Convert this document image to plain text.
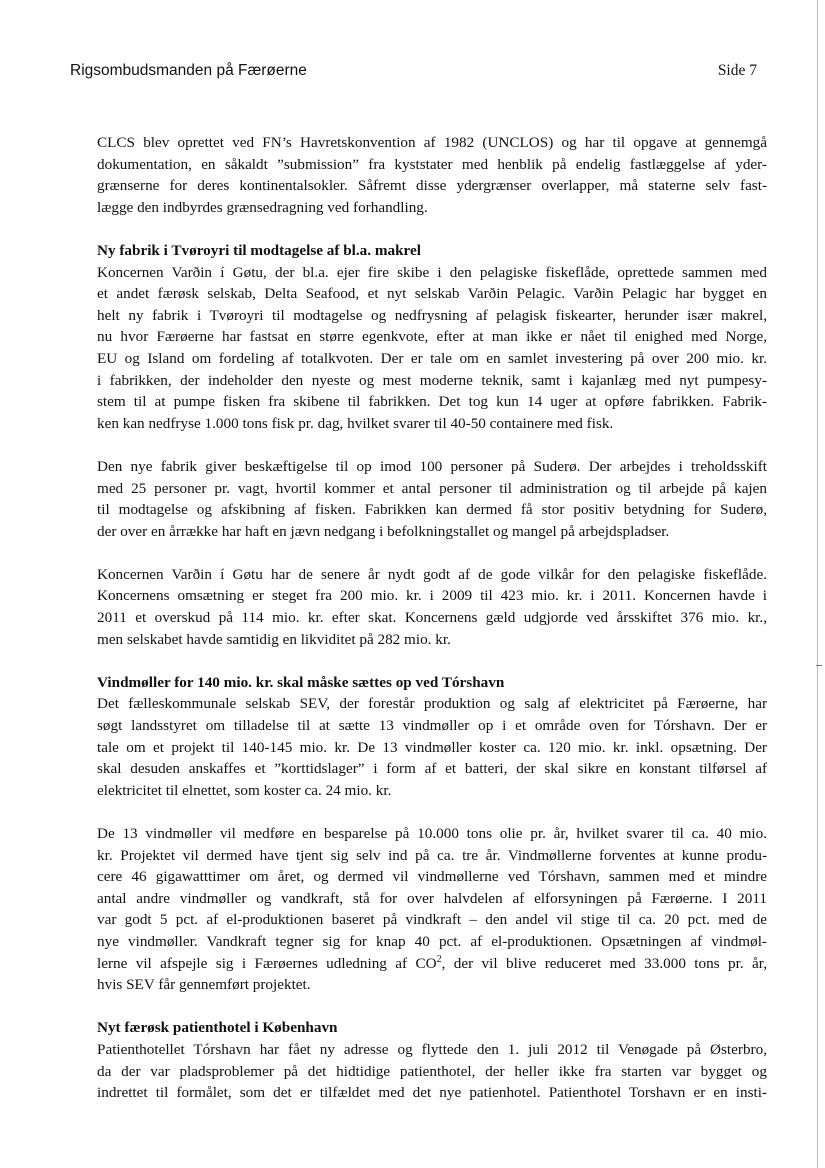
Rigsombudsmanden på Færøerne	Side 7

CLCS blev oprettet ved FN’s Havretskonvention af 1982 (UNCLOS) og har til opgave at gennemgå
dokumentation, en såkaldt ”submission” fra kyststater med henblik på endelig fastlæggelse af yder-
grænserne for deres kontinentalsokler. Såfremt disse ydergrænser overlapper, må staterne selv fast-
lægge den indbyrdes grænsedragning ved forhandling.

Ny fabrik i Tvøroyri til modtagelse af bl.a. makrel

Koncernen Varðin í Gøtu, der bl.a. ejer fire skibe i den pelagiske fiskeflåde, oprettede sammen med
et andet færøsk selskab, Delta Seafood, et nyt selskab Varðin Pelagic. Varðin Pelagic har bygget en
helt ny fabrik i Tvøroyri til modtagelse og nedfrysning af pelagisk fiskearter, herunder især makrel,
nu hvor Færøerne har fastsat en større egenkvote, efter at man ikke er nået til enighed med Norge,
EU og Island om fordeling af totalkvoten. Der er tale om en samlet investering på over 200 mio. kr.
i fabrikken, der indeholder den nyeste og mest moderne teknik, samt i kajanlæg med nyt pumpesy-
stem til at pumpe fisken fra skibene til fabrikken. Det tog kun 14 uger at opføre fabrikken. Fabrik-
ken kan nedfryse 1.000 tons fisk pr. dag, hvilket svarer til 40-50 containere med fisk.

Den nye fabrik giver beskæftigelse til op imod 100 personer på Suderø. Der arbejdes i treholdsskift
med 25 personer pr. vagt, hvortil kommer et antal personer til administration og til arbejde på kajen
til modtagelse og afskibning af fisken. Fabrikken kan dermed få stor positiv betydning for Suderø,
der over en årrække har haft en jævn nedgang i befolkningstallet og mangel på arbejdspladser.

Koncernen Varðin í Gøtu har de senere år nydt godt af de gode vilkår for den pelagiske fiskeflåde.
Koncernens omsætning er steget fra 200 mio. kr. i 2009 til 423 mio. kr. i 2011. Koncernen havde i
2011 et overskud på 114 mio. kr. efter skat. Koncernens gæld udgjorde ved årsskiftet 376 mio. kr.,
men selskabet havde samtidig en likviditet på 282 mio. kr.

Vindmøller for 140 mio. kr. skal måske sættes op ved Tórshavn

Det fælleskommunale selskab SEV, der forestår produktion og salg af elektricitet på Færøerne, har
søgt landsstyret om tilladelse til at sætte 13 vindmøller op i et område oven for Tórshavn. Der er
tale om et projekt til 140-145 mio. kr. De 13 vindmøller koster ca. 120 mio. kr. inkl. opsætning. Der
skal desuden anskaffes et ”korttidslager” i form af et batteri, der skal sikre en konstant tilførsel af
elektricitet til elnettet, som koster ca. 24 mio. kr.

De 13 vindmøller vil medføre en besparelse på 10.000 tons olie pr. år, hvilket svarer til ca. 40 mio.
kr. Projektet vil dermed have tjent sig selv ind på ca. tre år. Vindmøllerne forventes at kunne produ-
cere 46 gigawatttimer om året, og dermed vil vindmøllerne ved Tórshavn, sammen med et mindre
antal andre vindmøller og vandkraft, stå for over halvdelen af elforsyningen på Færøerne. I 2011
var godt 5 pct. af el-produktionen baseret på vindkraft – den andel vil stige til ca. 20 pct. med de
nye vindmøller. Vandkraft tegner sig for knap 40 pct. af el-produktionen. Opsætningen af vindmøl-
lerne vil afspejle sig i Færøernes udledning af $CO^2$, der vil blive reduceret med 33.000 tons pr. år,
hvis SEV får gennemført projektet.

Nyt færøsk patienthotel i København

Patienthotellet Tórshavn har fået ny adresse og flyttede den 1. juli 2012 til Venøgade på Østerbro,
da der var pladsproblemer på det hidtidige patienthotel, der heller ikke fra starten var bygget og
indrettet til formålet, som det er tilfældet med det nye patienhotel. Patienthotel Torshavn er en insti-
